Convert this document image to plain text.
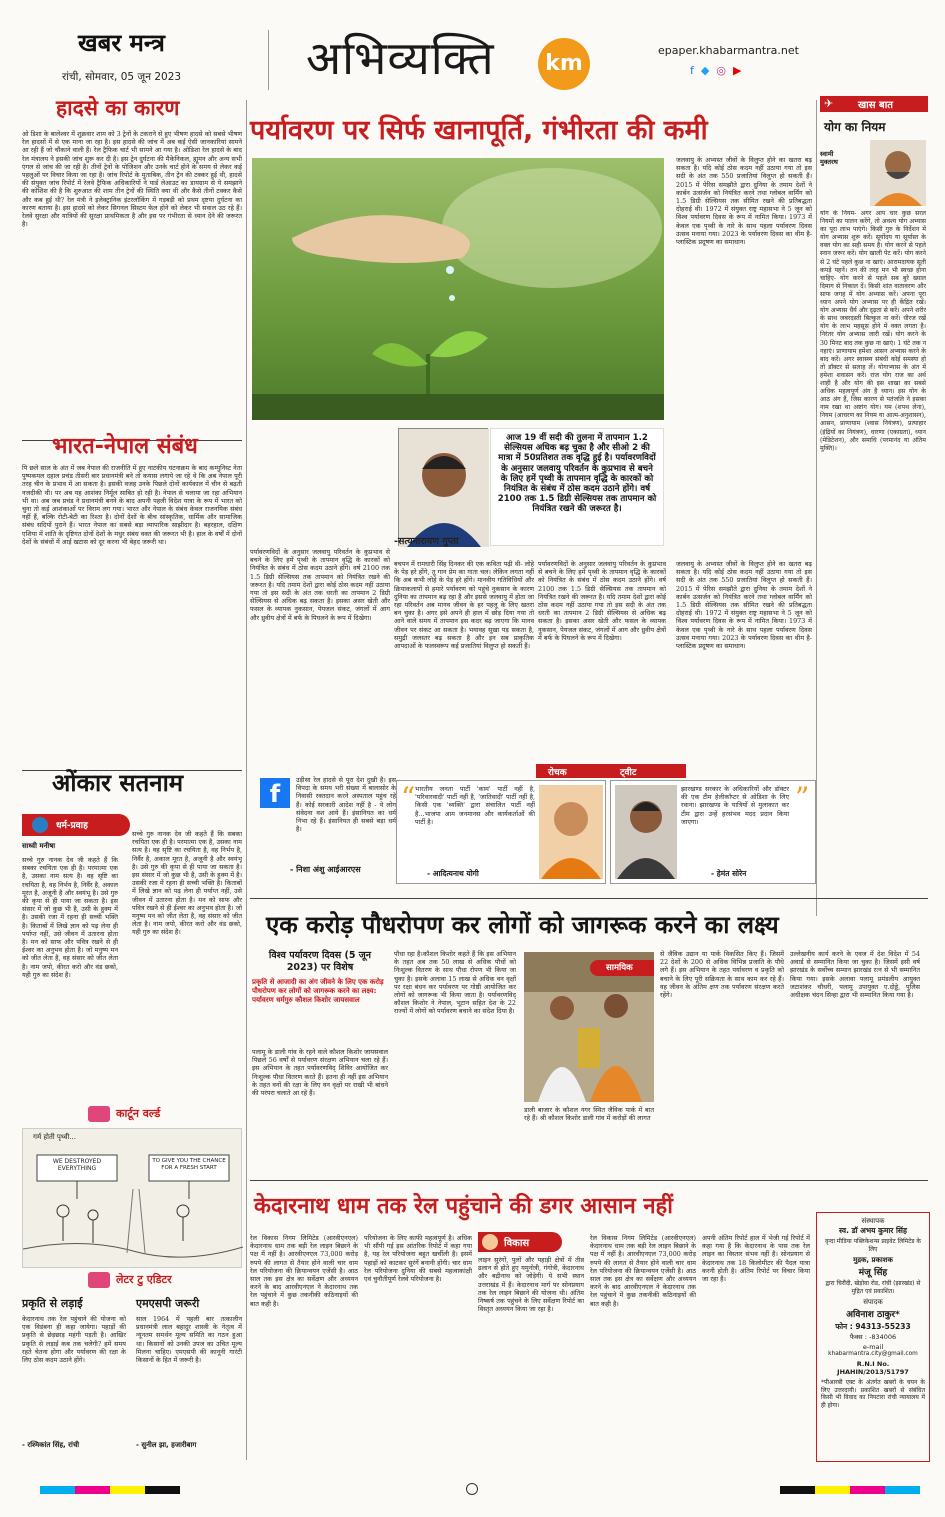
खबर मन्त्र
रांची, सोमवार, 05 जून 2023	अभिव्यक्ति	km
epaper.khabarmantra.net
f ◆ ◎ ▶
हादसे का कारण
ओ डिशा के बालेश्वर में शुक्रवार शाम को 3 ट्रेनों के टकराने से हुए भीषण हादसे को सबसे भीषण रेल हादसों में से एक माना जा रहा है। इस हादसे की जांच में अब कई ऐसी जानकारियां सामने आ रही हैं जो चौंकाने वाली हैं। रेल ट्रैफिक चार्ट भी सामने आ गया है। ओडिशा रेल हादसे के बाद रेल मंत्रालय ने इसकी जांच शुरू कर दी है। इस ट्रेन दुर्घटना की मैकेनिकल, ह्यूमन और अन्य सभी एंगल से जांच की जा रही है। तीनों ट्रेनों के पोजिशन और उनके चार्ट होने के समय से लेकर कई पहलुओं पर विचार किया जा रहा है। जांच रिपोर्ट के मुताबिक, तीन ट्रेन की टक्कर हुई थी, हादसे की संयुक्त जांच रिपोर्ट में रेलवे ट्रैफिक अधिकारियों ने यार्ड लेआउट का डायग्राम से ये समझाने की कोशिश की है कि शुरुआत की शाम तीन ट्रेनों की स्थिति क्या थी और कैसे तीनों टक्कर कैसे और कब हुई थी? रेल मंत्री ने इलेक्ट्रानिक इंटरलॉकिंग में गड़बड़ी को प्रथम दृष्टया दुर्घटना का कारण बताया है। इस हादसे को लेकर सिगनल सिस्टम फेल होने को लेकर भी सवाल उठ रहे हैं। रेलवे सुरक्षा और यात्रियों की सुरक्षा प्राथमिकता है और इस पर गंभीरता से ध्यान देने की जरूरत है।
भारत-नेपाल संबंध
पि छले साल के अंत में जब नेपाल की राजनीति में हुए नाटकीय घटनाक्रम के बाद कम्युनिस्ट नेता पुष्पकमल दहाल प्रचंड तीसरी बार प्रधानमंत्री बने तो कयास लगाये जा रहे थे कि अब नेपाल पूरी तरह चीन के प्रभाव में आ सकता है। इसकी वजह उनके पिछले दोनों कार्यकाल में चीन से बढ़ती नजदीकी थी। पर अब यह आशंका निर्मूल साबित हो रही है। नेपाल से चलाया जा रहा अभियान भी था। अब जब प्रचंड ने प्रधानमंत्री बनने के बाद अपनी पहली विदेश यात्रा के रूप में भारत को चुना तो कई आशंकाओं पर विराम लग गया। भारत और नेपाल के संबंध केवल राजनयिक संबंध नहीं हैं, बल्कि रोटी-बेटी का रिश्ता है। दोनों देशों के बीच सांस्कृतिक, धार्मिक और सामाजिक संबंध सदियों पुराने हैं। भारत नेपाल का सबसे बड़ा व्यापारिक साझीदार है। बहरहाल, दक्षिण एशिया में शांति के दृष्टिगत दोनों देशों के मधुर संबंध वक्त की जरूरत भी है। हाल के वर्षों में दोनों देशों के संबंधों में आई खटास को दूर करना भी बेहद जरूरी था।
ओंकार सतनाम
धर्म-प्रवाह
साध्वी मनीषा
सच्चे गुरु नानक देव जी कहते हैं कि सबका रचयिता एक ही है। परमात्मा एक है, उसका नाम सत्य है। वह सृष्टि का रचयिता है, वह निर्भय है, निर्वैर है, अकाल मूरत है, अजूनी है और स्वयंभू है। उसे गुरु की कृपा से ही पाया जा सकता है। इस संसार में जो कुछ भी है, उसी के हुक्म में है। उसकी रजा में रहना ही सच्ची भक्ति है। किताबों में लिखे ज्ञान को पढ़ लेना ही पर्याप्त नहीं, उसे जीवन में उतारना होता है। मन को साफ और पवित्र रखने से ही ईश्वर का अनुभव होता है। जो मनुष्य मन को जीत लेता है, वह संसार को जीत लेता है। नाम जपो, कीरत करो और वंड छको, यही गुरु का संदेश है।
सच्चे गुरु नानक देव जी कहते हैं कि सबका रचयिता एक ही है। परमात्मा एक है, उसका नाम सत्य है। वह सृष्टि का रचयिता है, वह निर्भय है, निर्वैर है, अकाल मूरत है, अजूनी है और स्वयंभू है। उसे गुरु की कृपा से ही पाया जा सकता है। इस संसार में जो कुछ भी है, उसी के हुक्म में है। उसकी रजा में रहना ही सच्ची भक्ति है। किताबों में लिखे ज्ञान को पढ़ लेना ही पर्याप्त नहीं, उसे जीवन में उतारना होता है। मन को साफ और पवित्र रखने से ही ईश्वर का अनुभव होता है। जो मनुष्य मन को जीत लेता है, वह संसार को जीत लेता है। नाम जपो, कीरत करो और वंड छको, यही गुरु का संदेश है।
कार्टून वर्ल्ड
गर्म होती पृथ्वी...
WE DESTROYED EVERYTHING
TO GIVE YOU THE CHANCE FOR A FRESH START
लेटर टु एडिटर
प्रकृति से लड़ाई
केदारनाथ तक रेल पहुंचाने की योजना को एक विडंबना ही कहा जायेगा। पहाड़ों की प्रकृति से छेड़छाड़ महंगी पड़ती है। आखिर प्रकृति से लड़ाई कब तक चलेगी? हमें समय रहते चेतना होगा और पर्यावरण की रक्षा के लिए ठोस कदम उठाने होंगे।
- रश्मिकांत सिंह, रांची
एमएसपी जरूरी
साल 1964 में पहली बार तत्कालीन प्रधानमंत्री लाल बहादुर शास्त्री के नेतृत्व में न्यूनतम समर्थन मूल्य समिति का गठन हुआ था। किसानों को उनकी उपज का उचित मूल्य मिलना चाहिए। एमएसपी की कानूनी गारंटी किसानों के हित में जरूरी है।
- सुनील झा, हजारीबाग
पर्यावरण पर सिर्फ खानापूर्ति, गंभीरता की कमी
-सत्यनारायण गुप्ता
आज 19 वीं सदी की तुलना में तापमान 1.2 सेल्सियस अधिक बढ़ चुका है और सीओ 2 की मात्रा में 50प्रतिशत तक वृद्धि हुई है। पर्यावरणविदों के अनुसार जलवायु परिवर्तन के कुप्रभाव से बचने के लिए हमें पृथ्वी के तापमान वृद्धि के कारकों को नियंत्रित के संबंध में ठोस कदम उठाने होंगे। वर्ष 2100 तक 1.5 डिग्री सेल्सियस तक तापमान को नियंत्रित रखने की जरूरत है।
जलवायु के अभ्यस्त जीवों के विलुप्त होने का खतरा बढ़ सकता है। यदि कोई ठोस कदम नहीं उठाया गया तो इस सदी के अंत तक 550 प्रजातियां विलुप्त हो सकती हैं। 2015 में पेरिस समझौते द्वारा दुनिया के तमाम देशों ने कार्बन उत्सर्जन को नियंत्रित करने तथा ग्लोबल वार्मिंग को 1.5 डिग्री सेल्सियस तक सीमित रखने की प्रतिबद्धता दोहराई थी। 1972 में संयुक्त राष्ट्र महासभा ने 5 जून को विश्व पर्यावरण दिवस के रूप में नामित किया। 1973 में केवल एक पृथ्वी के नारे के साथ पहला पर्यावरण दिवस उत्सव मनाया गया। 2023 के पर्यावरण दिवस का थीम है- प्लास्टिक प्रदूषण का समाधान।
पर्यावरणविदों के अनुसार जलवायु परिवर्तन के कुप्रभाव से बचने के लिए हमें पृथ्वी के तापमान वृद्धि के कारकों को नियंत्रित के संबंध में ठोस कदम उठाने होंगे। वर्ष 2100 तक 1.5 डिग्री सेल्सियस तक तापमान को नियंत्रित रखने की जरूरत है। यदि तमाम देशों द्वारा कोई ठोस कदम नहीं उठाया गया तो इस सदी के अंत तक धरती का तापमान 2 डिग्री सेल्सियस से अधिक बढ़ सकता है। इसका असर खेती और फसल के व्यापक नुकसान, पेयजल संकट, जंगलों में आग और ध्रुवीय क्षेत्रों में बर्फ के पिघलने के रूप में दिखेगा।
बचपन में रामधारी सिंह दिनकर की एक कविता पढ़ी थी- लोहे के पेड़ हरे होंगे, तू गान प्रेम का गाता चल। लेकिन लगता नहीं कि अब कभी लोहे के पेड़ हरे होंगे। मानवीय गतिविधियों और क्रियाकलापों से हमारे पर्यावरण को पहुंचे नुकसान के कारण दुनिया का तापमान बढ़ रहा है और इससे जलवायु में होता जा रहा परिवर्तन अब मानव जीवन के हर पहलू के लिए खतरा बन चुका है। अगर इसे अपने ही हाल में छोड़ दिया गया तो आने वाले समय में तापमान इस कदर बढ़ जाएगा कि मानव जीवन पर संकट आ सकता है। भयावह सूखा पड़ सकता है, समुद्री जलस्तर बढ़ सकता है और इन सब प्राकृतिक आपदाओं के फलस्वरूप कई प्रजातियां विलुप्त हो सकती हैं।
पर्यावरणविदों के अनुसार जलवायु परिवर्तन के कुप्रभाव से बचने के लिए हमें पृथ्वी के तापमान वृद्धि के कारकों को नियंत्रित के संबंध में ठोस कदम उठाने होंगे। वर्ष 2100 तक 1.5 डिग्री सेल्सियस तक तापमान को नियंत्रित रखने की जरूरत है। यदि तमाम देशों द्वारा कोई ठोस कदम नहीं उठाया गया तो इस सदी के अंत तक धरती का तापमान 2 डिग्री सेल्सियस से अधिक बढ़ सकता है। इसका असर खेती और फसल के व्यापक नुकसान, पेयजल संकट, जंगलों में आग और ध्रुवीय क्षेत्रों में बर्फ के पिघलने के रूप में दिखेगा।
जलवायु के अभ्यस्त जीवों के विलुप्त होने का खतरा बढ़ सकता है। यदि कोई ठोस कदम नहीं उठाया गया तो इस सदी के अंत तक 550 प्रजातियां विलुप्त हो सकती हैं। 2015 में पेरिस समझौते द्वारा दुनिया के तमाम देशों ने कार्बन उत्सर्जन को नियंत्रित करने तथा ग्लोबल वार्मिंग को 1.5 डिग्री सेल्सियस तक सीमित रखने की प्रतिबद्धता दोहराई थी। 1972 में संयुक्त राष्ट्र महासभा ने 5 जून को विश्व पर्यावरण दिवस के रूप में नामित किया। 1973 में केवल एक पृथ्वी के नारे के साथ पहला पर्यावरण दिवस उत्सव मनाया गया। 2023 के पर्यावरण दिवस का थीम है- प्लास्टिक प्रदूषण का समाधान।
✈ खास बात
योग का नियम
स्वामी मुक्तरथ
योग के नियम- अगर आप चार कुछ सरल नियमों का पालन करेंगे, तो अवश्य योग अभ्यास का पूरा लाभ पाएंगे। किसी गुरु के निर्देशन में योग अभ्यास शुरू करें। सूर्योदय या सूर्यास्त के वक्त योग का सही समय है। योग करने से पहले स्नान जरूर करें। योग खाली पेट करें। योग करने से 2 घंटे पहले कुछ ना खाएं। आरामदायक सूती कपड़े पहनें। तन की तरह मन भी स्वच्छ होना चाहिए- योग करने से पहले सब बुरे ख्याल दिमाग से निकाल दें। किसी शांत वातावरण और साफ जगह में योग अभ्यास करें। अपना पूरा ध्यान अपने योग अभ्यास पर ही केंद्रित रखें। योग अभ्यास धैर्य और दृढ़ता से करें। अपने शरीर के साथ जबरदस्ती बिल्कुल ना करें। धीरज रखें योग के लाभ महसूस होने में वक्त लगता है। निरंतर योग अभ्यास जारी रखें। योग करने के 30 मिनट बाद तक कुछ ना खाएं। 1 घंटे तक न नहाएं। प्राणायाम हमेशा आसन अभ्यास करने के बाद करें। अगर स्वास्थ्य संबंधी कोई समस्या हो तो डॉक्टर से सलाह लें। योगाभ्यास के अंत में हमेशा शवासन करें। राज योग राज का अर्थ शाही है और योग की इस शाखा का सबसे अधिक महत्वपूर्ण अंग है ध्यान। इस योग के आठ अंग हैं, जिस कारण से पतंजलि ने इसका नाम रखा था अष्टांग योग। यम (शपथ लेना), नियम (आचरण का नियम या आत्म-अनुशासन), आसन, प्राणायाम (श्वास नियंत्रण), प्रत्याहार (इंद्रियों का नियंत्रण), धारणा (एकाग्रता), ध्यान (मेडिटेशन), और समाधि (परमानंद या अंतिम मुक्ति)।
f	उड़ीसा रेल हादसे से पूरा देश दुखी है। इस विपदा के समय भरी संख्या में बालासोर के निवासी रक्तदान करने अस्पताल पहुंच रहे हैं। कोई सरकारी आदेश नहीं है - ये लोग संवेदना वश आये हैं। इंसानियत का धर्म निभा रहे हैं। इंसानियत ही सबसे बड़ा धर्म है।
- निशा अंशु आईआरएस
रोचक	ट्वीट
“ भारतीय जनता पार्टी 'काम' पार्टी नहीं है, 'परिवारवादी' पार्टी नहीं है, 'जातिवादी' पार्टी नहीं है, किसी एक 'व्यक्ति' द्वारा संचालित पार्टी नहीं है...भाजपा आम जनमानस और कार्यकर्ताओं की पार्टी है।
- आदित्यनाथ योगी
झारखण्ड सरकार के अधिकारियों और डॉक्टर की एक टीम हेलीकॉप्टर से ओडिशा के लिए रवाना। झारखण्ड के यात्रियों से मुलाकात कर टीम द्वारा उन्हें हरसंभव मदद प्रदान किया जाएगा।
- हेमंत सोरेन
”
एक करोड़ पौधरोपण कर लोगों को जागरूक करने का लक्ष्य
विश्व पर्यावरण दिवस (5 जून 2023) पर विशेष
प्रकृति से आजादी का अंग जीवने के लिए एक करोड़ पौधरोपण कर लोगों को जागरूक करने का लक्ष्य: पर्यावरण धर्मगुरु कौशल किशोर जायसवाल
पलामू के डाली गांव के रहने वाले कौशल किशोर जायसवाल पिछले 56 वर्षों से पर्यावरण संरक्षण अभियान चला रहे हैं। इस अभियान के तहत पर्यावरणविद् शिविर आयोजित कर निःशुल्क पौधा वितरण करते हैं। इतना ही नहीं इस अभियान के तहत वनों की रक्षा के लिए वन वृक्षों पर राखी भी बांधने की परंपरा चलाते आ रहे हैं।
पौधा रहा है।कौशल किशोर कहते हैं कि इस अभियान के तहत अब तक 50 लाख से अधिक पौधों को निःशुल्क वितरण के साथ पौधा रोपण भी किया जा चुका है। इसके अलावा 15 लाख से अधिक वन वृक्षों पर रक्षा बंधन कर पर्यावरण पर गोष्ठी आयोजित कर लोगों को जागरूक भी किया जाता है। पर्यावरणविद् कौशल किशोर ने नेपाल, भूटान सहित देश के 22 राज्यों में लोगों को पर्यावरण बचाने का संदेश दिया है।
सामयिक
डाली बाजार के कौशल नगर स्थित जैविक पार्क में बात रहे हैं। श्री कौशल किशोर डाली गांव में करोड़ों की लागत
से जैविक उद्यान या पार्क विकसित किए हैं। जिसमें 22 देशों के 200 से अधिक विभिन्न प्रजाति के पौधे लगे हैं। इस अभियान के तहत पर्यावरण व प्रकृति को बचाने के लिए पूरी सक्रियता के साथ काम कर रहे हैं। वह जीवन के अंतिम क्षण तक पर्यावरण संरक्षण करते रहेंगे।
उल्लेखनीय कार्य करने के एवज में देश विदेश में 54 अवार्ड से सम्मानित किया जा चुका है। जिसमें इसी वर्ष झारखंड के सर्वोच्च सम्मान झारखंड रत्न से भी सम्मानित किया गया। इसके अलावा पलामू प्रमंडलीय आयुक्त जटाशंकर चौधरी, पलामू उपायुक्त ए.दोड्डे, पुलिस अधीक्षक चंदन सिन्हा द्वारा भी सम्मानित किया गया है।
केदारनाथ धाम तक रेल पहुंचाने की डगर आसान नहीं
रेल विकास निगम लिमिटेड (आरवीएनएल) केदारनाथ धाम तक बड़ी रेल लाइन बिछाने के पक्ष में नहीं है। आरवीएनएल 73,000 करोड़ रुपये की लागत से तैयार होने वाली चार धाम रेल परियोजना की क्रियान्वयन एजेंसी है। आठ साल तक इस क्षेत्र का सर्वेक्षण और अध्ययन करने के बाद आरवीएनएल ने केदारनाथ तक रेल पहुंचाने में कुछ तकनीकी कठिनाइयों की बात कही है।
परियोजना के लिए काफी महत्वपूर्ण है। अधिक भी सौंपी गई इस आंतरिक रिपोर्ट में कहा गया है, यह रेल परियोजना बहुत खर्चीली है। इसमें पहाड़ों को काटकर सुरंगें बनानी होंगी। चार धाम रेल परियोजना दुनिया की सबसे महत्वाकांक्षी एवं चुनौतीपूर्ण रेलवे परियोजना है।
विकास
लाइन सुरंगों, पुलों और पहाड़ी क्षेत्रों में तीव्र ढलान से होते हुए यमुनोत्री, गंगोत्री, केदारनाथ और बद्रीनाथ को जोड़ेगी। ये सभी स्थान उत्तराखंड में हैं। केदारनाथ मार्ग पर सोनप्रयाग तक रेल लाइन बिछाने की योजना थी। अंतिम निष्कर्ष तक पहुंचने के लिए सर्वेक्षण रिपोर्ट का विस्तृत अध्ययन किया जा रहा है।
रेल विकास निगम लिमिटेड (आरवीएनएल) केदारनाथ धाम तक बड़ी रेल लाइन बिछाने के पक्ष में नहीं है। आरवीएनएल 73,000 करोड़ रुपये की लागत से तैयार होने वाली चार धाम रेल परियोजना की क्रियान्वयन एजेंसी है। आठ साल तक इस क्षेत्र का सर्वेक्षण और अध्ययन करने के बाद आरवीएनएल ने केदारनाथ तक रेल पहुंचाने में कुछ तकनीकी कठिनाइयों की बात कही है।
अपनी अंतिम रिपोर्ट हाल में भेजी गई रिपोर्ट में कहा गया है कि केदारनाथ के पास तक रेल लाइन का विस्तार संभव नहीं है। सोनप्रयाग से केदारनाथ तक 18 किलोमीटर की पैदल यात्रा करनी होती है। अंतिम रिपोर्ट पर विचार किया जा रहा है।
संस्थापक
स्व. डॉ अभय कुमार सिंह
वृन्दा मीडिया पब्लिकेशन्स प्राइवेट लिमिटेड के लिए
मुद्रक, प्रकाशक
मंजू सिंह
द्वारा चिरौंदी, खेड़ोवा रोड, रांची (झारखंड) से मुद्रित एवं प्रकाशित।
संपादक
अविनाश ठाकुर*
फोन : 94313-55233
फैक्स : -834006
e-mail
khabarmantra.city@gmail.com
R.N.I No.
JHAHIN/2013/51797
*पीआरबी एक्ट के अंतर्गत खबरों के चयन के लिए उत्तरदायी। प्रकाशित खबरों से संबंधित किसी भी विवाद का निपटारा रांची न्यायालय में ही होगा।
